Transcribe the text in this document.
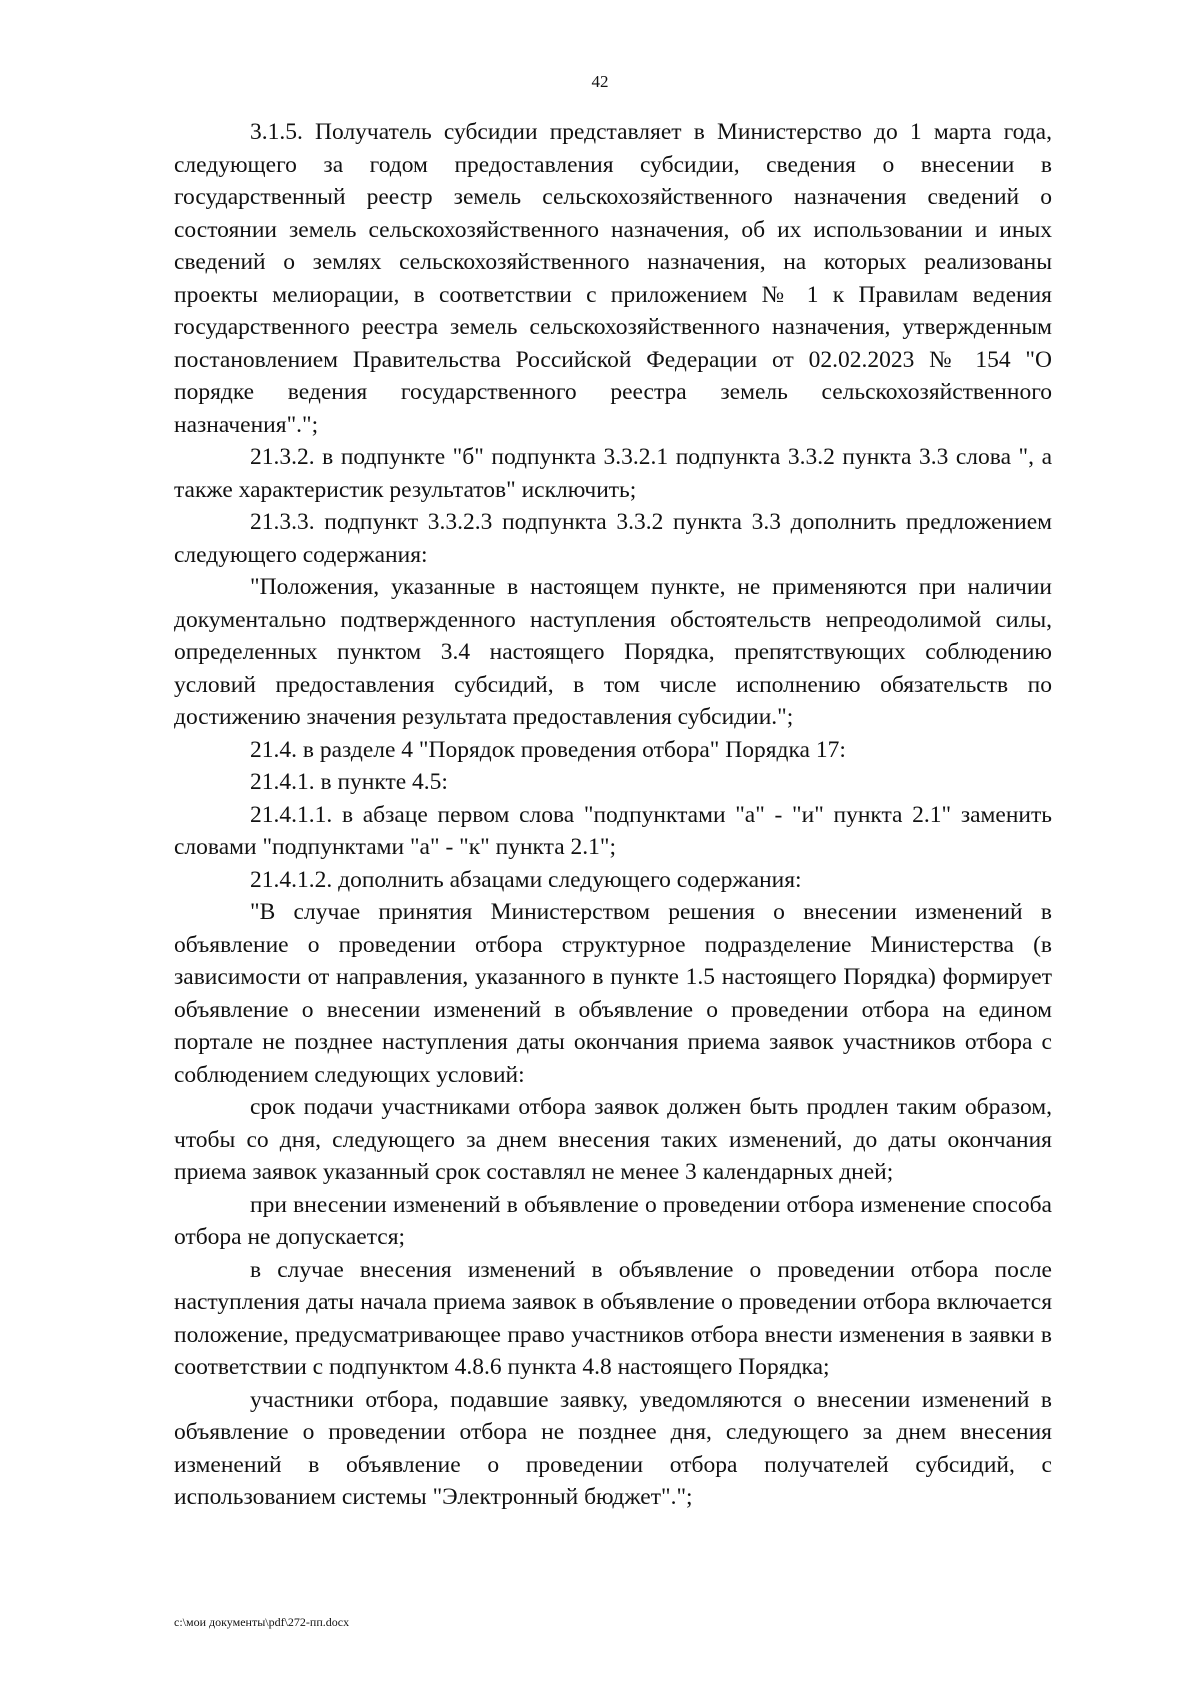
42

3.1.5. Получатель субсидии представляет в Министерство до 1 марта года, следующего за годом предоставления субсидии, сведения о внесении в государственный реестр земель сельскохозяйственного назначения сведений о состоянии земель сельскохозяйственного назначения, об их использовании и иных сведений о землях сельскохозяйственного назначения, на которых реализованы проекты мелиорации, в соответствии с приложением № 1 к Правилам ведения государственного реестра земель сельскохозяйственного назначения, утвержденным постановлением Правительства Российской Федерации от 02.02.2023 № 154 "О порядке ведения государственного реестра земель сельскохозяйственного назначения".";

21.3.2. в подпункте "б" подпункта 3.3.2.1 подпункта 3.3.2 пункта 3.3 слова ", а также характеристик результатов" исключить;

21.3.3. подпункт 3.3.2.3 подпункта 3.3.2 пункта 3.3 дополнить предложением следующего содержания:

"Положения, указанные в настоящем пункте, не применяются при наличии документально подтвержденного наступления обстоятельств непреодолимой силы, определенных пунктом 3.4 настоящего Порядка, препятствующих соблюдению условий предоставления субсидий, в том числе исполнению обязательств по достижению значения результата предоставления субсидии.";

21.4. в разделе 4 "Порядок проведения отбора" Порядка 17:

21.4.1. в пункте 4.5:

21.4.1.1. в абзаце первом слова "подпунктами "а" - "и" пункта 2.1" заменить словами "подпунктами "а" - "к" пункта 2.1";

21.4.1.2. дополнить абзацами следующего содержания:

"В случае принятия Министерством решения о внесении изменений в объявление о проведении отбора структурное подразделение Министерства (в зависимости от направления, указанного в пункте 1.5 настоящего Порядка) формирует объявление о внесении изменений в объявление о проведении отбора на едином портале не позднее наступления даты окончания приема заявок участников отбора с соблюдением следующих условий:

срок подачи участниками отбора заявок должен быть продлен таким образом, чтобы со дня, следующего за днем внесения таких изменений, до даты окончания приема заявок указанный срок составлял не менее 3 календарных дней;

при внесении изменений в объявление о проведении отбора изменение способа отбора не допускается;

в случае внесения изменений в объявление о проведении отбора после наступления даты начала приема заявок в объявление о проведении отбора включается положение, предусматривающее право участников отбора внести изменения в заявки в соответствии с подпунктом 4.8.6 пункта 4.8 настоящего Порядка;

участники отбора, подавшие заявку, уведомляются о внесении изменений в объявление о проведении отбора не позднее дня, следующего за днем внесения изменений в объявление о проведении отбора получателей субсидий, с использованием системы "Электронный бюджет".";

c:\мои документы\pdf\272-пп.docx
